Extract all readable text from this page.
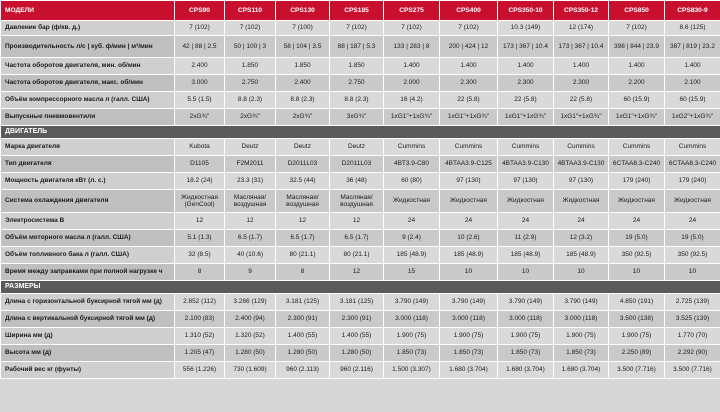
МОДЕЛИ	CPS90	CPS110	CPS130	CPS185	CPS275	CPS400	CPS350-10	CPS350-12	CPS850	CPS830-9
Давление бар (ф/кв. д.)	7 (102)	7 (102)	7 (100)	7 (102)	7 (102)	7 (102)	10.3 (149)	12 (174)	7 (102)	8.6 (125)
Производительность л/с | куб. ф/мин | м³/мин	42 | 88 | 2.5	50 | 100 | 3	58 | 104 | 3.5	88 | 187 | 5.3	133 | 283 | 8	200 | 424 | 12	173 | 367 | 10.4	173 | 367 | 10.4	398 | 844 | 23.9	387 | 819 | 23.2
Частота оборотов двигателя, мин. об/мин	2.400	1.850	1.850	1.850	1.400	1.400	1.400	1.400	1.400	1.400
Частота оборотов двигателя, макс. об/мин	3.000	2.750	2.400	2.750	2.000	2.300	2.300	2.300	2.200	2.100
Объём компрессорного масла л (галл. США)	5.5 (1.5)	8.8 (2.3)	8.8 (2.3)	8.8 (2.3)	16 (4.2)	22 (5.8)	22 (5.8)	22 (5.8)	60 (15.9)	60 (15.9)
Выпускные пневмовентили	2xG¾"	2xG¾"	2xG¾"	3xG¾"	1xG1"+1xG¾"	1xG1"+1xG¾"	1xG1"+1xG¾"	1xG1"+1xG¾"	1xG1"+1xG¾"	1xG2"+1xG¾"
ДВИГАТЕЛЬ										
Марка двигателя	Kubota	Deutz	Deutz	Deutz	Cummins	Cummins	Cummins	Cummins	Cummins	Cummins
Тип двигателя	D1105	F2M2011	D2011L03	D2011L03	4BT3.9-C80	4BTAA3.9-C125	4BTAA3.9-C130	4BTAA3.9-C130	6CTAA8.3-C240	6CTAA8.3-C240
Мощность двигателя кВт (л. с.)	18.2 (24)	23.3 (31)	32.5 (44)	36 (48)	60 (80)	97 (130)	97 (130)	97 (130)	179 (240)	179 (240)
Система охлаждения двигателя	Жидкостная (GenCool)	Масляная/ воздушная	Масляная/ воздушная	Масляная/ воздушная	Жидкостная	Жидкостная	Жидкостная	Жидкостная	Жидкостная	Жидкостная
Электросистема В	12	12	12	12	24	24	24	24	24	24
Объём моторного масла л (галл. США)	5.1 (1.3)	6.5 (1.7)	6.5 (1.7)	6.5 (1.7)	9 (2.4)	10 (2.6)	11 (2.9)	12 (3.2)	19 (5.0)	19 (5.0)
Объём топливного бака л (галл. США)	32 (8.5)	40 (10.6)	80 (21.1)	80 (21.1)	185 (48.9)	185 (48.9)	185 (48.9)	185 (48.9)	350 (92.5)	350 (92.5)
Время между заправками при полной нагрузке ч	8	9	8	12	15	10	10	10	10	10
РАЗМЕРЫ										
Длина с горизонтальной буксирной тягой мм (д)	2.852 (112)	3.286 (129)	3.181 (125)	3.181 (125)	3.790 (149)	3.790 (149)	3.790 (149)	3.790 (149)	4.850 (191)	2.725 (139)
Длина с вертикальной буксирной тягой мм (д)	2.100 (83)	2.400 (94)	2.300 (91)	2.300 (91)	3.000 (118)	3.000 (118)	3.000 (118)	3.000 (118)	3.500 (138)	3.525 (139)
Ширина мм (д)	1.310 (52)	1.320 (52)	1.400 (55)	1.400 (55)	1.900 (75)	1.900 (75)	1.900 (75)	1.900 (75)	1.900 (75)	1.770 (70)
Высота мм (д)	1.205 (47)	1.280 (50)	1.280 (50)	1.280 (50)	1.850 (73)	1.850 (73)	1.850 (73)	1.850 (73)	2.250 (89)	2.292 (90)
Рабочий вес кг (фунты)	556 (1.226)	730 (1.609)	960 (2.113)	960 (2.116)	1.500 (3.307)	1.680 (3.704)	1.680 (3.704)	1.680 (3.704)	3.500 (7.716)	3.500 (7.716)
